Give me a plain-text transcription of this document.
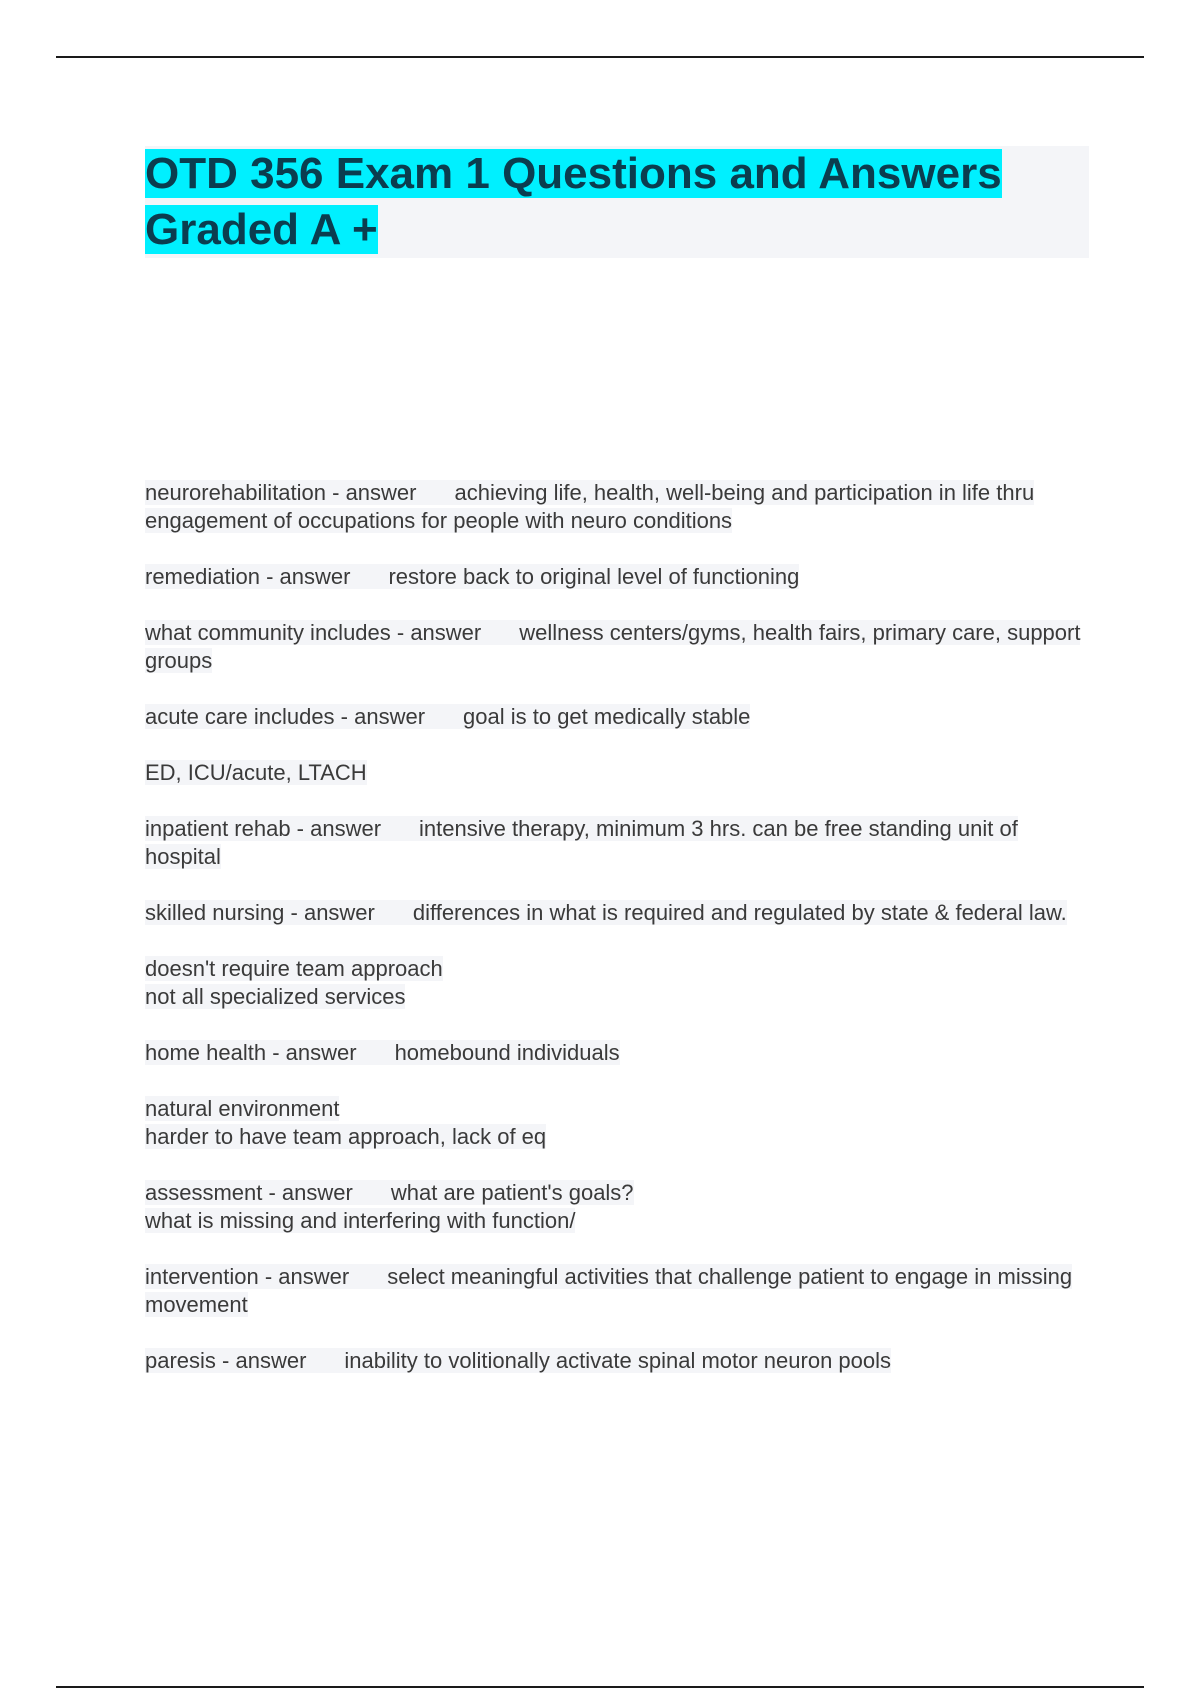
OTD 356 Exam 1 Questions and Answers Graded A +

neurorehabilitation - answer achieving life, health, well-being and participation in life thru engagement of occupations for people with neuro conditions

remediation - answer restore back to original level of functioning

what community includes - answer wellness centers/gyms, health fairs, primary care, support groups

acute care includes - answer goal is to get medically stable

ED, ICU/acute, LTACH

inpatient rehab - answer intensive therapy, minimum 3 hrs. can be free standing unit of hospital

skilled nursing - answer differences in what is required and regulated by state & federal law.

doesn't require team approach

not all specialized services

home health - answer homebound individuals

natural environment

harder to have team approach, lack of eq

assessment - answer what are patient's goals?

what is missing and interfering with function/

intervention - answer select meaningful activities that challenge patient to engage in missing movement

paresis - answer inability to volitionally activate spinal motor neuron pools
